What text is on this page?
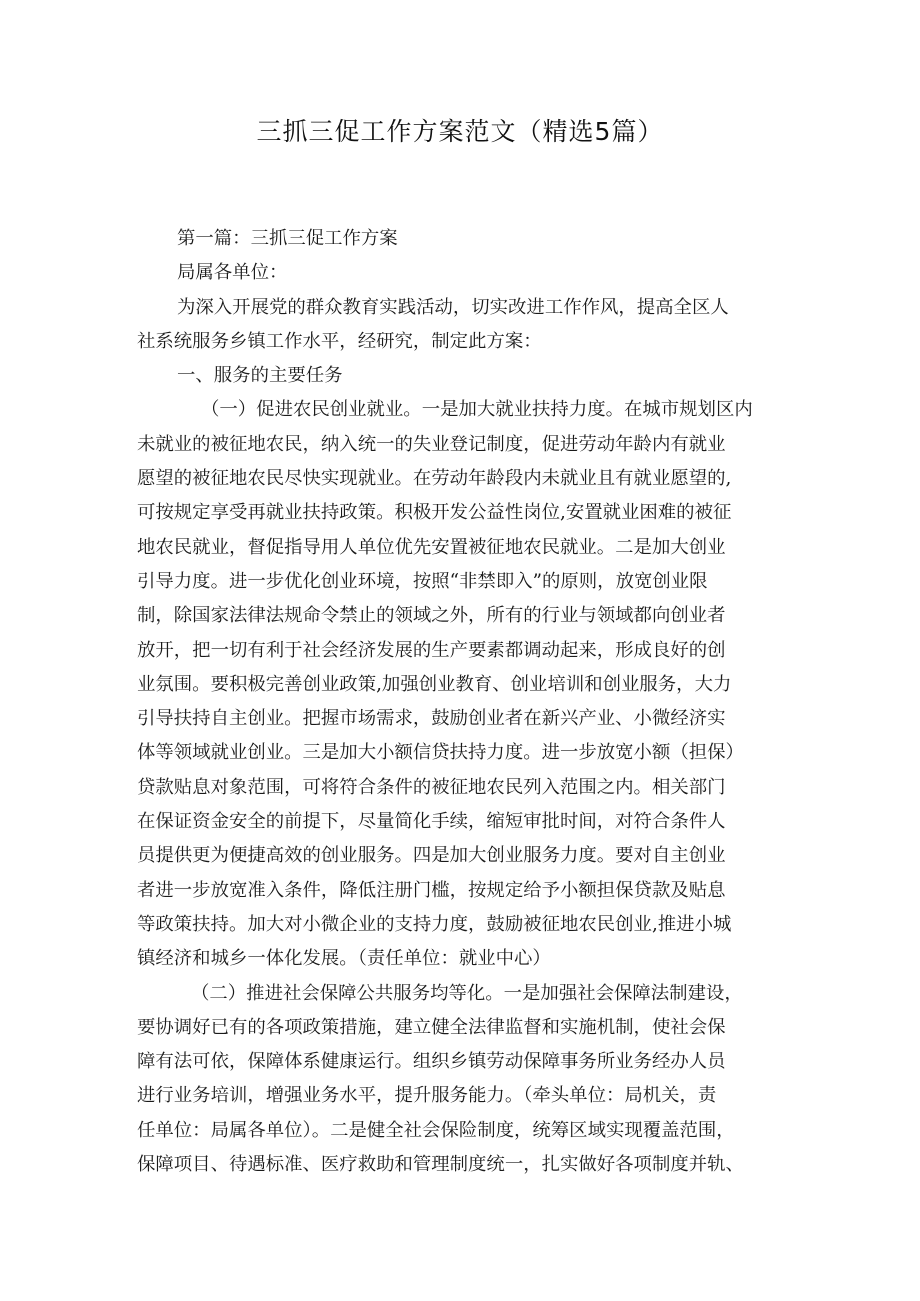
三抓三促工作方案范文（精选5篇）
第一篇：三抓三促工作方案
局属各单位：
为深入开展党的群众教育实践活动，切实改进工作作风，提高全区人
社系统服务乡镇工作水平，经研究，制定此方案：
一、服务的主要任务
（一）促进农民创业就业。一是加大就业扶持力度。在城市规划区内
未就业的被征地农民，纳入统一的失业登记制度，促进劳动年龄内有就业
愿望的被征地农民尽快实现就业。在劳动年龄段内未就业且有就业愿望的,
可按规定享受再就业扶持政策。积极开发公益性岗位,安置就业困难的被征
地农民就业，督促指导用人单位优先安置被征地农民就业。二是加大创业
引导力度。进一步优化创业环境，按照“非禁即入”的原则，放宽创业限
制，除国家法律法规命令禁止的领域之外，所有的行业与领域都向创业者
放开，把一切有利于社会经济发展的生产要素都调动起来，形成良好的创
业氛围。要积极完善创业政策,加强创业教育、创业培训和创业服务，大力
引导扶持自主创业。把握市场需求，鼓励创业者在新兴产业、小微经济实
体等领域就业创业。三是加大小额信贷扶持力度。进一步放宽小额（担保）
贷款贴息对象范围，可将符合条件的被征地农民列入范围之内。相关部门
在保证资金安全的前提下，尽量简化手续，缩短审批时间，对符合条件人
员提供更为便捷高效的创业服务。四是加大创业服务力度。要对自主创业
者进一步放宽准入条件，降低注册门槛，按规定给予小额担保贷款及贴息
等政策扶持。加大对小微企业的支持力度，鼓励被征地农民创业,推进小城
镇经济和城乡一体化发展。（责任单位：就业中心）
（二）推进社会保障公共服务均等化。一是加强社会保障法制建设，
要协调好已有的各项政策措施，建立健全法律监督和实施机制，使社会保
障有法可依，保障体系健康运行。组织乡镇劳动保障事务所业务经办人员
进行业务培训，增强业务水平，提升服务能力。（牵头单位：局机关，责
任单位：局属各单位）。二是健全社会保险制度，统筹区域实现覆盖范围，
保障项目、待遇标准、医疗救助和管理制度统一，扎实做好各项制度并轨、
